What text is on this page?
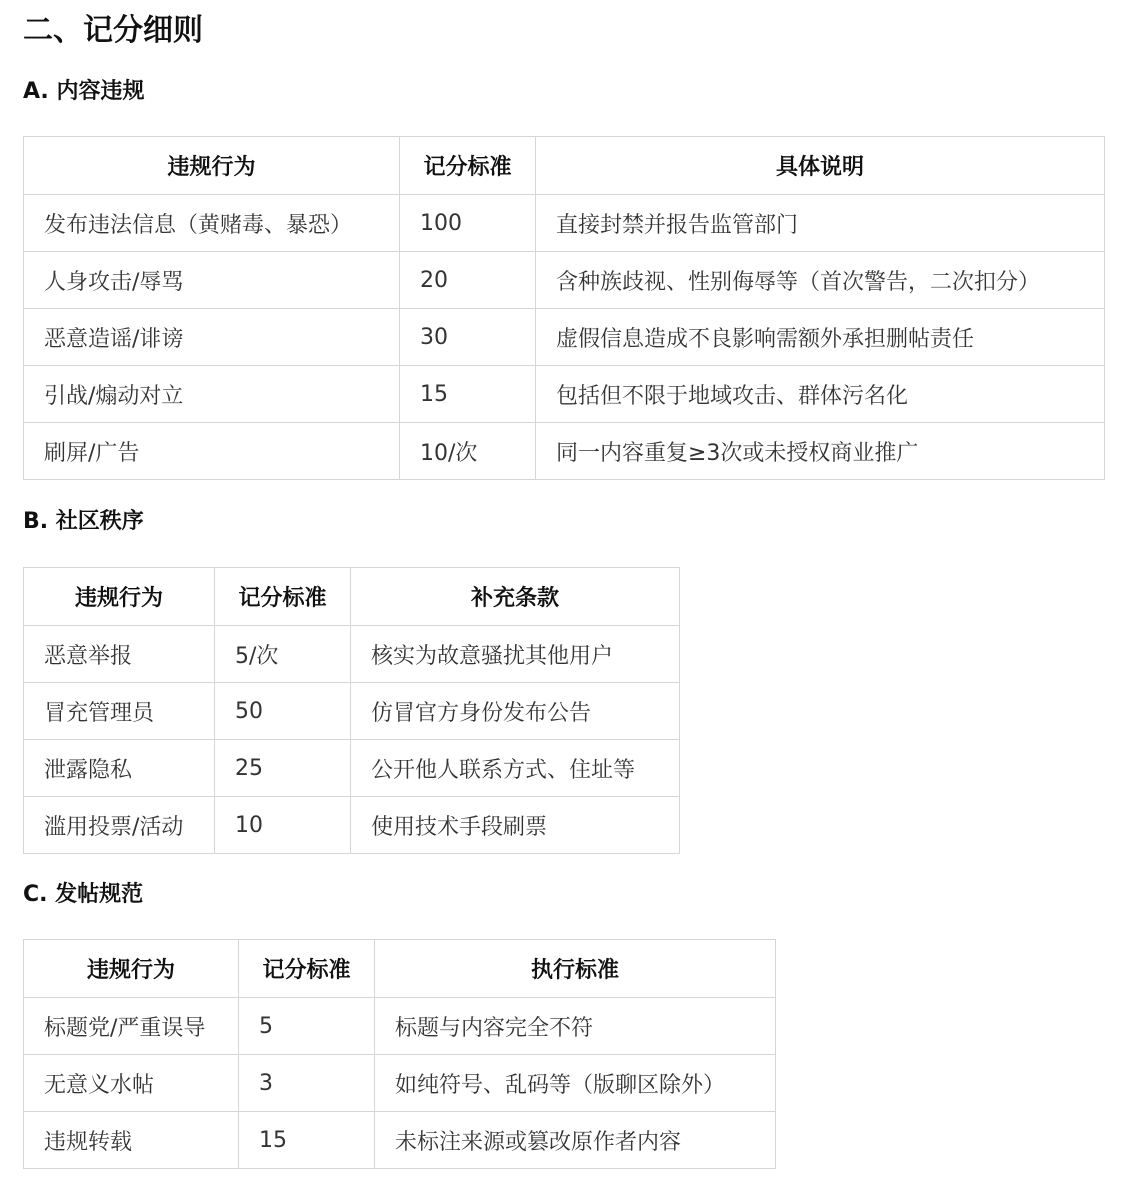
二、记分细则
A. 内容违规
违规行为	记分标准	具体说明
发布违法信息（黄赌毒、暴恐）	100	直接封禁并报告监管部门
人身攻击/辱骂	20	含种族歧视、性别侮辱等（首次警告，二次扣分）
恶意造谣/诽谤	30	虚假信息造成不良影响需额外承担删帖责任
引战/煽动对立	15	包括但不限于地域攻击、群体污名化
刷屏/广告	10/次	同一内容重复≥3次或未授权商业推广
B. 社区秩序
违规行为	记分标准	补充条款
恶意举报	5/次	核实为故意骚扰其他用户
冒充管理员	50	仿冒官方身份发布公告
泄露隐私	25	公开他人联系方式、住址等
滥用投票/活动	10	使用技术手段刷票
C. 发帖规范
违规行为	记分标准	执行标准
标题党/严重误导	5	标题与内容完全不符
无意义水帖	3	如纯符号、乱码等（版聊区除外）
违规转载	15	未标注来源或篡改原作者内容
